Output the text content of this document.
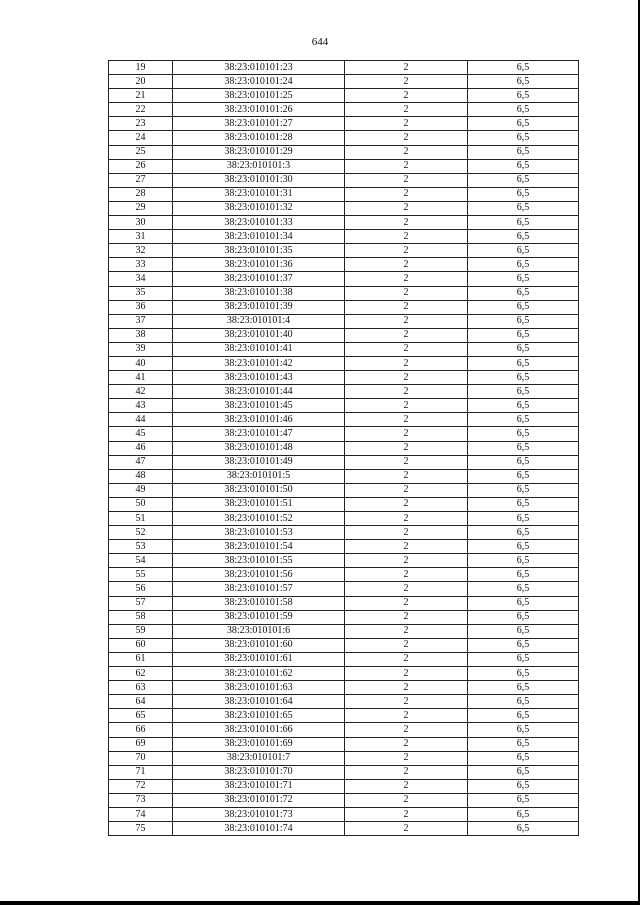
644
19	38:23:010101:23	2	6,5
20	38:23:010101:24	2	6,5
21	38:23:010101:25	2	6,5
22	38:23:010101:26	2	6,5
23	38:23:010101:27	2	6,5
24	38:23:010101:28	2	6,5
25	38:23:010101:29	2	6,5
26	38:23:010101:3	2	6,5
27	38:23:010101:30	2	6,5
28	38:23:010101:31	2	6,5
29	38:23:010101:32	2	6,5
30	38:23:010101:33	2	6,5
31	38:23:010101:34	2	6,5
32	38:23:010101:35	2	6,5
33	38:23:010101:36	2	6,5
34	38:23:010101:37	2	6,5
35	38:23:010101:38	2	6,5
36	38:23:010101:39	2	6,5
37	38:23:010101:4	2	6,5
38	38:23:010101:40	2	6,5
39	38:23:010101:41	2	6,5
40	38:23:010101:42	2	6,5
41	38:23:010101:43	2	6,5
42	38:23:010101:44	2	6,5
43	38:23:010101:45	2	6,5
44	38:23:010101:46	2	6,5
45	38:23:010101:47	2	6,5
46	38:23:010101:48	2	6,5
47	38:23:010101:49	2	6,5
48	38:23:010101:5	2	6,5
49	38:23:010101:50	2	6,5
50	38:23:010101:51	2	6,5
51	38:23:010101:52	2	6,5
52	38:23:010101:53	2	6,5
53	38:23:010101:54	2	6,5
54	38:23:010101:55	2	6,5
55	38:23:010101:56	2	6,5
56	38:23:010101:57	2	6,5
57	38:23:010101:58	2	6,5
58	38:23:010101:59	2	6,5
59	38:23:010101:6	2	6,5
60	38:23:010101:60	2	6,5
61	38:23:010101:61	2	6,5
62	38:23:010101:62	2	6,5
63	38:23:010101:63	2	6,5
64	38:23:010101:64	2	6,5
65	38:23:010101:65	2	6,5
66	38:23:010101:66	2	6,5
69	38:23:010101:69	2	6,5
70	38:23:010101:7	2	6,5
71	38:23:010101:70	2	6,5
72	38:23:010101:71	2	6,5
73	38:23:010101:72	2	6,5
74	38:23:010101:73	2	6,5
75	38:23:010101:74	2	6,5
